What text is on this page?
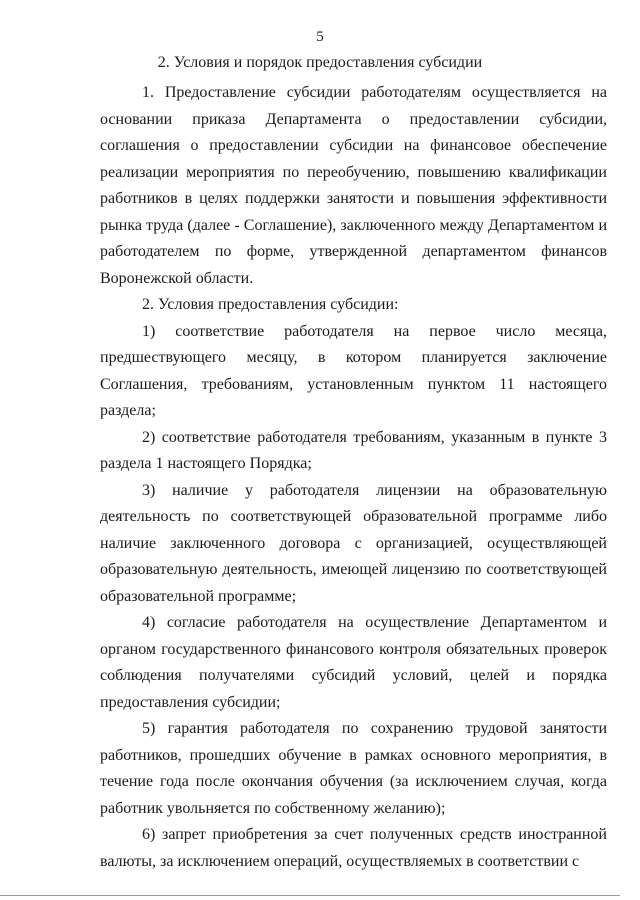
5
2. Условия и порядок предоставления субсидии

1. Предоставление субсидии работодателям осуществляется на основании приказа Департамента о предоставлении субсидии, соглашения о предоставлении субсидии на финансовое обеспечение реализации мероприятия по переобучению, повышению квалификации работников в целях поддержки занятости и повышения эффективности рынка труда (далее - Соглашение), заключенного между Департаментом и работодателем по форме, утвержденной департаментом финансов Воронежской области.

2. Условия предоставления субсидии:

1) соответствие работодателя на первое число месяца, предшествующего месяцу, в котором планируется заключение Соглашения, требованиям, установленным пунктом 11 настоящего раздела;

2) соответствие работодателя требованиям, указанным в пункте 3 раздела 1 настоящего Порядка;

3) наличие у работодателя лицензии на образовательную деятельность по соответствующей образовательной программе либо наличие заключенного договора с организацией, осуществляющей образовательную деятельность, имеющей лицензию по соответствующей образовательной программе;

4) согласие работодателя на осуществление Департаментом и органом государственного финансового контроля обязательных проверок соблюдения получателями субсидий условий, целей и порядка предоставления субсидии;

5) гарантия работодателя по сохранению трудовой занятости работников, прошедших обучение в рамках основного мероприятия, в течение года после окончания обучения (за исключением случая, когда работник увольняется по собственному желанию);

6) запрет приобретения за счет полученных средств иностранной валюты, за исключением операций, осуществляемых в соответствии с
